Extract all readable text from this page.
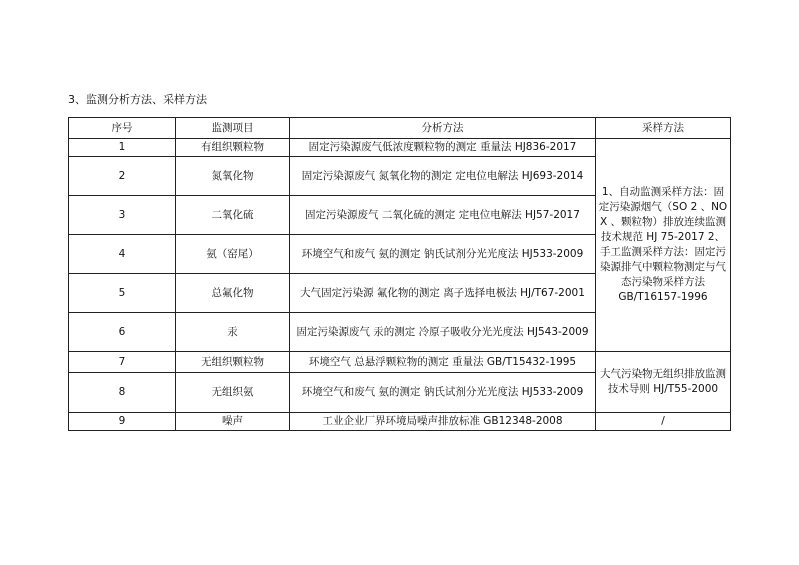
3、监测分析方法、采样方法
序号	监测项目	分析方法	采样方法
1	有组织颗粒物	固定污染源废气低浓度颗粒物的测定 重量法 HJ836-2017	1、自动监测采样方法：固定污染源烟气（SO 2 、NO X 、颗粒物）排放连续监测技术规范 HJ 75-2017 2、手工监测采样方法：固定污染源排气中颗粒物测定与气态污染物采样方法 GB/T16157-1996
2	氮氧化物	固定污染源废气 氮氧化物的测定 定电位电解法 HJ693-2014	
3	二氧化硫	固定污染源废气 二氧化硫的测定 定电位电解法 HJ57-2017	
4	氨（窑尾）	环境空气和废气 氨的测定 钠氏试剂分光光度法 HJ533-2009	
5	总氟化物	大气固定污染源 氟化物的测定 离子选择电极法 HJ/T67-2001	
6	汞	固定污染源废气 汞的测定 冷原子吸收分光光度法 HJ543-2009	
7	无组织颗粒物	环境空气 总悬浮颗粒物的测定 重量法 GB/T15432-1995	大气污染物无组织排放监测技术导则 HJ/T55-2000
8	无组织氨	环境空气和废气 氨的测定 钠氏试剂分光光度法 HJ533-2009	
9	噪声	工业企业厂界环境局噪声排放标准 GB12348-2008	/
